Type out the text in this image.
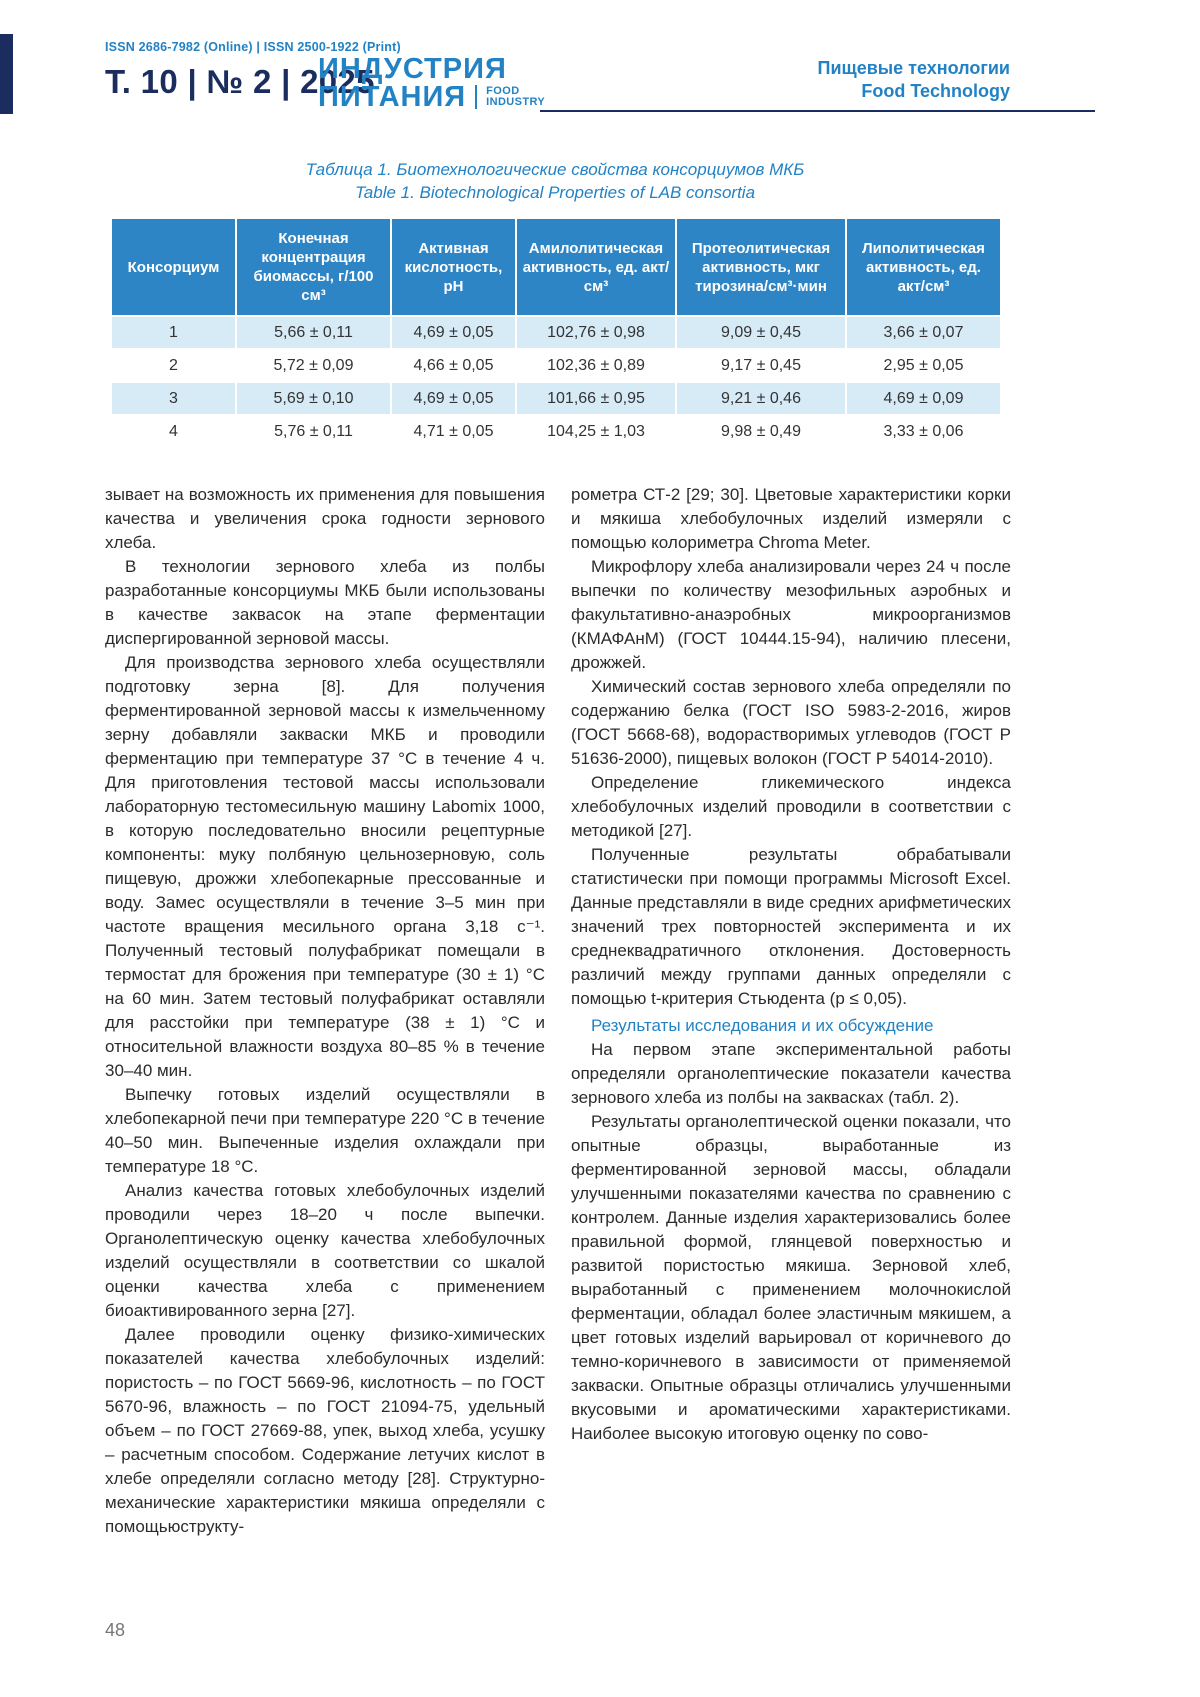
ISSN 2686-7982 (Online) | ISSN 2500-1922 (Print)
Т. 10 | № 2 | 2025
ИНДУСТРИЯ
ПИТАНИЯ FOOD
INDUSTRY
Пищевые технологии
Food Technology
Таблица 1. Биотехнологические свойства консорциумов МКБ
Table 1. Biotechnological Properties of LAB consortia
Консорциум	Конечная концентрация биомассы, г/100 см³	Активная кислотность, pH	Амилолитическая активность, ед. акт/см³	Протеолитическая активность, мкг тирозина/см³·мин	Липолитическая активность, ед. акт/см³
1	5,66 ± 0,11	4,69 ± 0,05	102,76 ± 0,98	9,09 ± 0,45	3,66 ± 0,07
2	5,72 ± 0,09	4,66 ± 0,05	102,36 ± 0,89	9,17 ± 0,45	2,95 ± 0,05
3	5,69 ± 0,10	4,69 ± 0,05	101,66 ± 0,95	9,21 ± 0,46	4,69 ± 0,09
4	5,76 ± 0,11	4,71 ± 0,05	104,25 ± 1,03	9,98 ± 0,49	3,33 ± 0,06

зывает на возможность их применения для повышения качества и увеличения срока годности зернового хлеба.

В технологии зернового хлеба из полбы разработанные консорциумы МКБ были использованы в качестве заквасок на этапе ферментации диспергированной зерновой массы.

Для производства зернового хлеба осуществляли подготовку зерна [8]. Для получения ферментированной зерновой массы к измельченному зерну добавляли закваски МКБ и проводили ферментацию при температуре 37 °С в течение 4 ч. Для приготовления тестовой массы использовали лабораторную тестомесильную машину Labomix 1000, в которую последовательно вносили рецептурные компоненты: муку полбяную цельнозерновую, соль пищевую, дрожжи хлебопекарные прессованные и воду. Замес осуществляли в течение 3–5 мин при частоте вращения месильного органа 3,18 с⁻¹. Полученный тестовый полуфабрикат помещали в термостат для брожения при температуре (30 ± 1) °С на 60 мин. Затем тестовый полуфабрикат оставляли для расстойки при температуре (38 ± 1) °С и относительной влажности воздуха 80–85 % в течение 30–40 мин.

Выпечку готовых изделий осуществляли в хлебопекарной печи при температуре 220 °С в течение 40–50 мин. Выпеченные изделия охлаждали при температуре 18 °С.

Анализ качества готовых хлебобулочных изделий проводили через 18–20 ч после выпечки. Органолептическую оценку качества хлебобулочных изделий осуществляли в соответствии со шкалой оценки качества хлеба с применением биоактивированного зерна [27].

Далее проводили оценку физико-химических показателей качества хлебобулочных изделий: пористость – по ГОСТ 5669-96, кислотность – по ГОСТ 5670-96, влажность – по ГОСТ 21094-75, удельный объем – по ГОСТ 27669-88, упек, выход хлеба, усушку – расчетным способом. Содержание летучих кислот в хлебе определяли согласно методу [28]. Структурно-механические характеристики мякиша определяли с помощьюструкту-

рометра СТ-2 [29; 30]. Цветовые характеристики корки и мякиша хлебобулочных изделий измеряли с помощью колориметра Chroma Meter.

Микрофлору хлеба анализировали через 24 ч после выпечки по количеству мезофильных аэробных и факультативно-анаэробных микроорганизмов (КМАФАнМ) (ГОСТ 10444.15-94), наличию плесени, дрожжей.

Химический состав зернового хлеба определяли по содержанию белка (ГОСТ ISO 5983-2-2016, жиров (ГОСТ 5668-68), водорастворимых углеводов (ГОСТ Р 51636-2000), пищевых волокон (ГОСТ Р 54014-2010).

Определение гликемического индекса хлебобулочных изделий проводили в соответствии с методикой [27].

Полученные результаты обрабатывали статистически при помощи программы Microsoft Excel. Данные представляли в виде средних арифметических значений трех повторностей эксперимента и их среднеквадратичного отклонения. Достоверность различий между группами данных определяли с помощью t-критерия Стьюдента (p ≤ 0,05).

Результаты исследования и их обсуждение

На первом этапе экспериментальной работы определяли органолептические показатели качества зернового хлеба из полбы на заквасках (табл. 2).

Результаты органолептической оценки показали, что опытные образцы, выработанные из ферментированной зерновой массы, обладали улучшенными показателями качества по сравнению с контролем. Данные изделия характеризовались более правильной формой, глянцевой поверхностью и развитой пористостью мякиша. Зерновой хлеб, выработанный с применением молочнокислой ферментации, обладал более эластичным мякишем, а цвет готовых изделий варьировал от коричневого до темно-коричневого в зависимости от применяемой закваски. Опытные образцы отличались улучшенными вкусовыми и ароматическими характеристиками. Наиболее высокую итоговую оценку по сово-

48
